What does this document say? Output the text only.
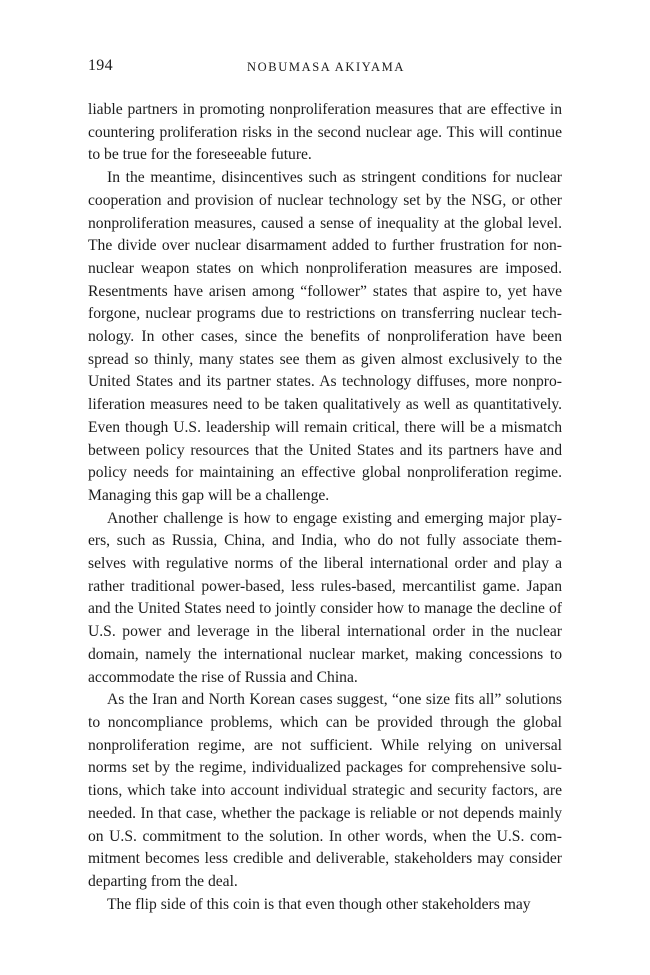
194	NOBUMASA AKIYAMA

liable partners in promoting nonproliferation measures that are effective in countering proliferation risks in the second nuclear age. This will continue to be true for the foreseeable future.

In the meantime, disincentives such as stringent conditions for nuclear cooperation and provision of nuclear technology set by the NSG, or other nonproliferation measures, caused a sense of inequality at the global level. The divide over nuclear disarmament added to further frustration for non-nuclear weapon states on which nonproliferation measures are imposed. Resentments have arisen among “follower” states that aspire to, yet have forgone, nuclear programs due to restrictions on transferring nuclear tech-nology. In other cases, since the benefits of nonproliferation have been spread so thinly, many states see them as given almost exclusively to the United States and its partner states. As technology diffuses, more nonpro-liferation measures need to be taken qualitatively as well as quantitatively. Even though U.S. leadership will remain critical, there will be a mismatch between policy resources that the United States and its partners have and policy needs for maintaining an effective global nonproliferation regime. Managing this gap will be a challenge.

Another challenge is how to engage existing and emerging major play-ers, such as Russia, China, and India, who do not fully associate them-selves with regulative norms of the liberal international order and play a rather traditional power-based, less rules-based, mercantilist game. Japan and the United States need to jointly consider how to manage the decline of U.S. power and leverage in the liberal international order in the nuclear domain, namely the international nuclear market, making concessions to accommodate the rise of Russia and China.

As the Iran and North Korean cases suggest, “one size fits all” solutions to noncompliance problems, which can be provided through the global nonproliferation regime, are not sufficient. While relying on universal norms set by the regime, individualized packages for comprehensive solu-tions, which take into account individual strategic and security factors, are needed. In that case, whether the package is reliable or not depends mainly on U.S. commitment to the solution. In other words, when the U.S. com-mitment becomes less credible and deliverable, stakeholders may consider departing from the deal.

The flip side of this coin is that even though other stakeholders may
